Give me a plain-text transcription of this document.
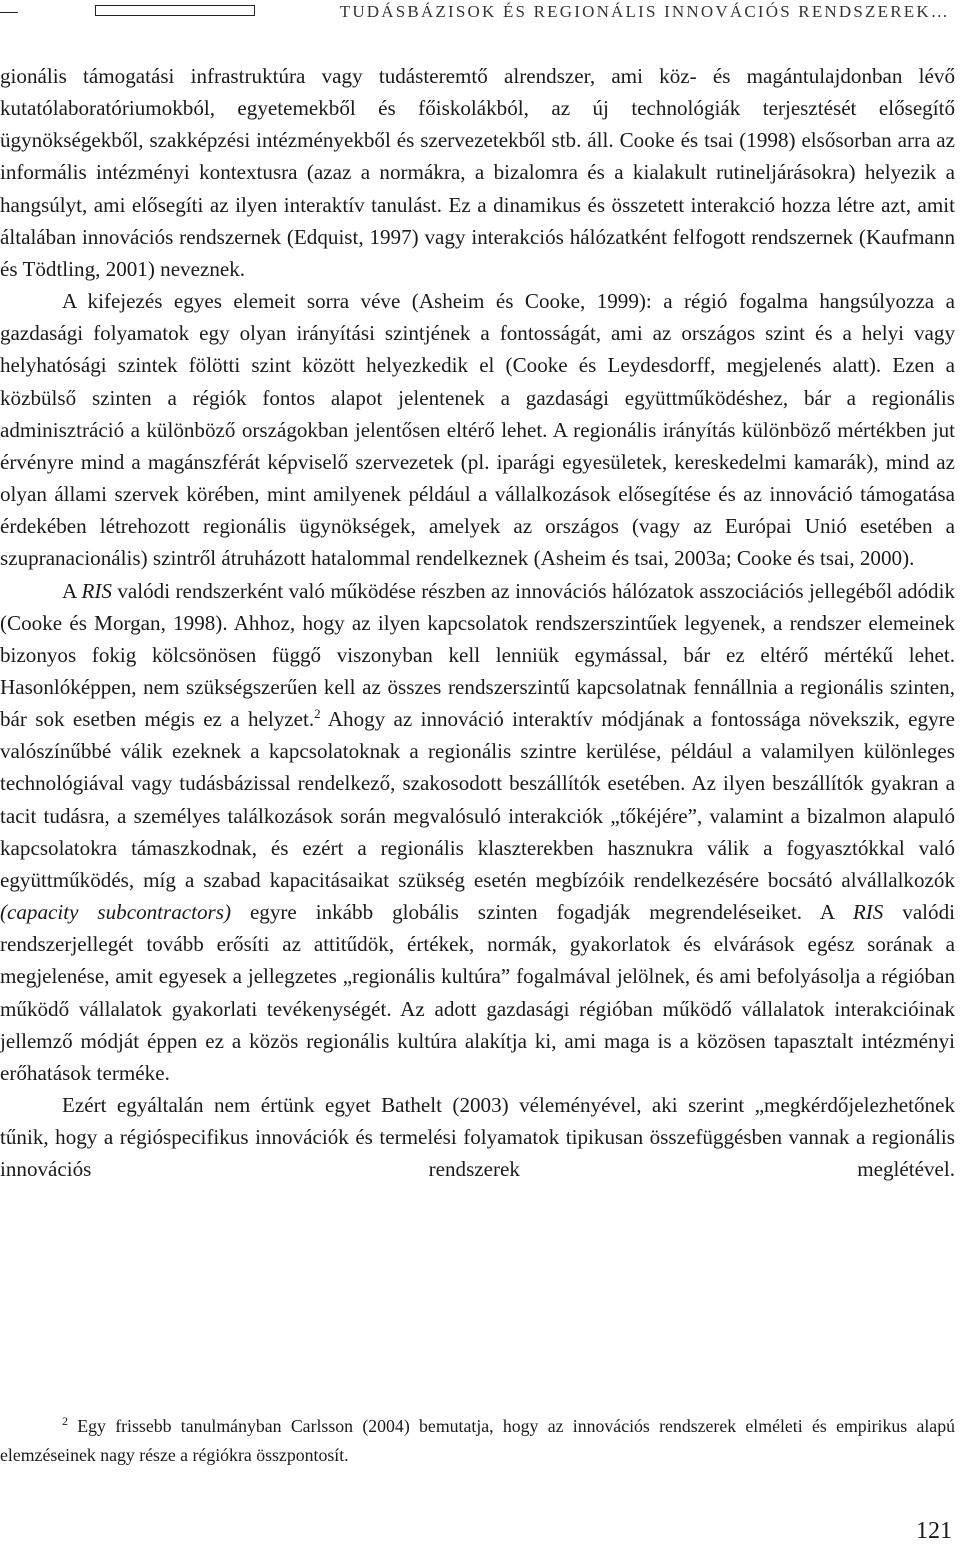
TUDÁSBÁZISOK ÉS REGIONÁLIS INNOVÁCIÓS RENDSZEREK…

gionális támogatási infrastruktúra vagy tudásteremtő alrendszer, ami köz- és magántulajdonban lévő kutatólaboratóriumokból, egyetemekből és főiskolákból, az új technológiák terjesztését elősegítő ügynökségekből, szakképzési intézményekből és szervezetekből stb. áll. Cooke és tsai (1998) elsősorban arra az informális intézményi kontextusra (azaz a normákra, a bizalomra és a kialakult rutineljárásokra) helyezik a hangsúlyt, ami elősegíti az ilyen interaktív tanulást. Ez a dinamikus és összetett interakció hozza létre azt, amit általában innovációs rendszernek (Edquist, 1997) vagy interakciós hálózatként felfogott rendszernek (Kaufmann és Tödtling, 2001) neveznek.

A kifejezés egyes elemeit sorra véve (Asheim és Cooke, 1999): a régió fogalma hangsúlyozza a gazdasági folyamatok egy olyan irányítási szintjének a fontosságát, ami az országos szint és a helyi vagy helyhatósági szintek fölötti szint között helyezkedik el (Cooke és Leydesdorff, megjelenés alatt). Ezen a közbülső szinten a régiók fontos alapot jelentenek a gazdasági együttműködéshez, bár a regionális adminisztráció a különböző országokban jelentősen eltérő lehet. A regionális irányítás különböző mértékben jut érvényre mind a magánszférát képviselő szervezetek (pl. iparági egyesületek, kereskedelmi kamarák), mind az olyan állami szervek körében, mint amilyenek például a vállalkozások elősegítése és az innováció támogatása érdekében létrehozott regionális ügynökségek, amelyek az országos (vagy az Európai Unió esetében a szupranacionális) szintről átruházott hatalommal rendelkeznek (Asheim és tsai, 2003a; Cooke és tsai, 2000).

A RIS valódi rendszerként való működése részben az innovációs hálózatok asszociációs jellegéből adódik (Cooke és Morgan, 1998). Ahhoz, hogy az ilyen kapcsolatok rendszerszintűek legyenek, a rendszer elemeinek bizonyos fokig kölcsönösen függő viszonyban kell lenniük egymással, bár ez eltérő mértékű lehet. Hasonlóképpen, nem szükségszerűen kell az összes rendszerszintű kapcsolatnak fennállnia a regionális szinten, bár sok esetben mégis ez a helyzet.$^2$ Ahogy az innováció interaktív módjának a fontossága növekszik, egyre valószínűbbé válik ezeknek a kapcsolatoknak a regionális szintre kerülése, például a valamilyen különleges technológiával vagy tudásbázissal rendelkező, szakosodott beszállítók esetében. Az ilyen beszállítók gyakran a tacit tudásra, a személyes találkozások során megvalósuló interakciók „tőkéjére”, valamint a bizalmon alapuló kapcsolatokra támaszkodnak, és ezért a regionális klaszterekben hasznukra válik a fogyasztókkal való együttműködés, míg a szabad kapacitásaikat szükség esetén megbízóik rendelkezésére bocsátó alvállalkozók (capacity subcontractors) egyre inkább globális szinten fogadják megrendeléseiket. A RIS valódi rendszerjellegét tovább erősíti az attitűdök, értékek, normák, gyakorlatok és elvárások egész sorának a megjelenése, amit egyesek a jellegzetes „regionális kultúra” fogalmával jelölnek, és ami befolyásolja a régióban működő vállalatok gyakorlati tevékenységét. Az adott gazdasági régióban működő vállalatok interakcióinak jellemző módját éppen ez a közös regionális kultúra alakítja ki, ami maga is a közösen tapasztalt intézményi erőhatások terméke.

Ezért egyáltalán nem értünk egyet Bathelt (2003) véleményével, aki szerint „megkérdőjelezhetőnek tűnik, hogy a régióspecifikus innovációk és termelési folyamatok tipikusan összefüggésben vannak a regionális innovációs rendszerek meglétével.

$^2$ Egy frissebb tanulmányban Carlsson (2004) bemutatja, hogy az innovációs rendszerek elméleti és empirikus alapú elemzéseinek nagy része a régiókra összpontosít.
121
